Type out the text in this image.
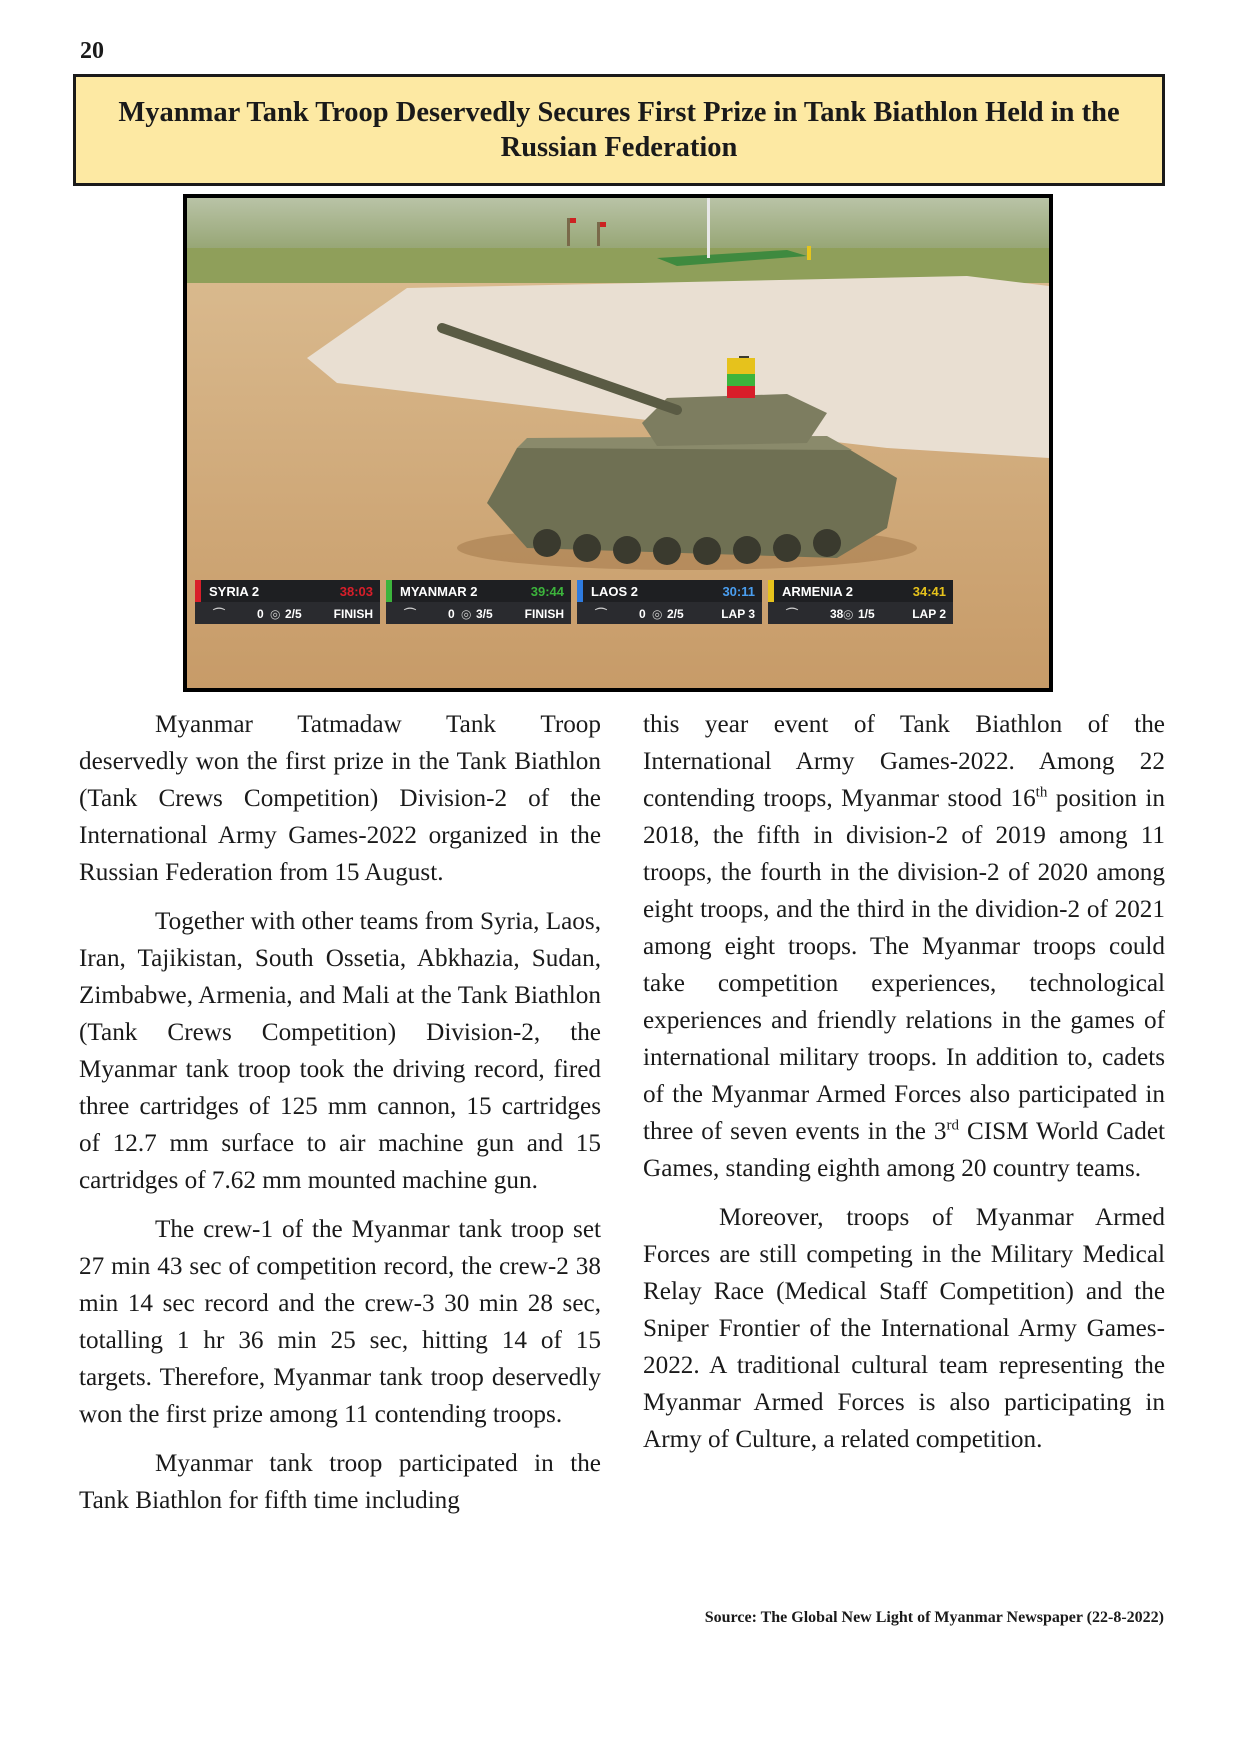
20
Myanmar Tank Troop Deservedly Secures First Prize in Tank Biathlon Held in the Russian Federation
SYRIA 2	38:03
⌒	0 ◎ 2/5	FINISH
MYANMAR 2	39:44
⌒	0 ◎ 3/5	FINISH
LAOS 2	30:11
⌒	0 ◎ 2/5	LAP 3
ARMENIA 2	34:41
⌒	38 ◎ 1/5	LAP 2

Myanmar Tatmadaw Tank Troop deservedly won the first prize in the Tank Biathlon (Tank Crews Competition) Division-2 of the International Army Games-2022 organized in the Russian Federation from 15 August.

Together with other teams from Syria, Laos, Iran, Tajikistan, South Ossetia, Abkhazia, Sudan, Zimbabwe, Armenia, and Mali at the Tank Biathlon (Tank Crews Competition) Division-2, the Myanmar tank troop took the driving record, fired three cartridges of 125 mm cannon, 15 cartridges of 12.7 mm surface to air machine gun and 15 cartridges of 7.62 mm mounted machine gun.

The crew-1 of the Myanmar tank troop set 27 min 43 sec of competition record, the crew-2 38 min 14 sec record and the crew-3 30 min 28 sec, totalling 1 hr 36 min 25 sec, hitting 14 of 15 targets. Therefore, Myanmar tank troop deservedly won the first prize among 11 contending troops.

Myanmar tank troop participated in the Tank Biathlon for fifth time including

this year event of Tank Biathlon of the International Army Games-2022. Among 22 contending troops, Myanmar stood 16th position in 2018, the fifth in division-2 of 2019 among 11 troops, the fourth in the division-2 of 2020 among eight troops, and the third in the dividion-2 of 2021 among eight troops. The Myanmar troops could take competition experiences, technological experiences and friendly relations in the games of international military troops. In addition to, cadets of the Myanmar Armed Forces also participated in three of seven events in the 3rd CISM World Cadet Games, standing eighth among 20 country teams.

Moreover, troops of Myanmar Armed Forces are still competing in the Military Medical Relay Race (Medical Staff Competition) and the Sniper Frontier of the International Army Games-2022. A traditional cultural team representing the Myanmar Armed Forces is also participating in Army of Culture, a related competition.

Source: The Global New Light of Myanmar Newspaper (22-8-2022)
